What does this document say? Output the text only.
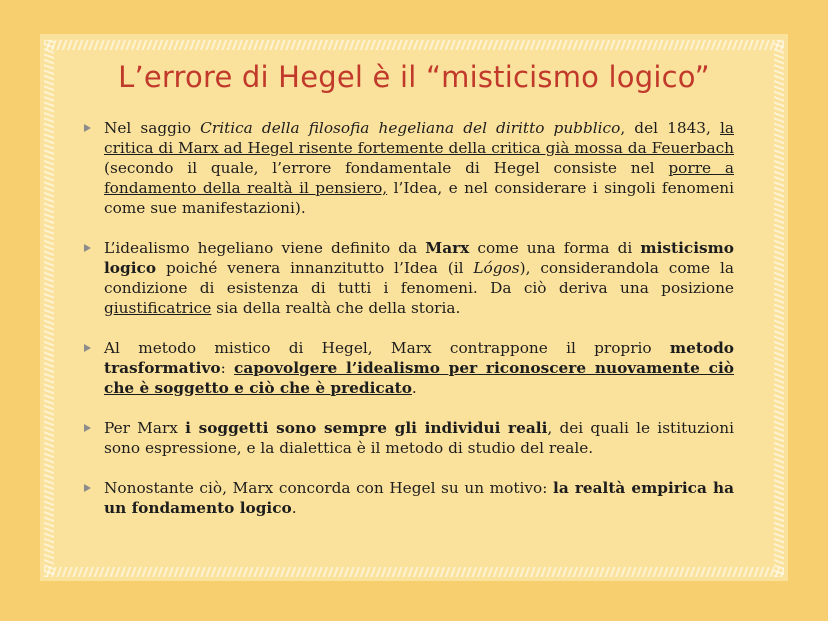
L’errore di Hegel è il “misticismo logico”
Nel saggio Critica della filosofia hegeliana del diritto pubblico, del 1843, la critica di Marx ad Hegel risente fortemente della critica già mossa da Feuerbach (secondo il quale, l’errore fondamentale di Hegel consiste nel porre a fondamento della realtà il pensiero, l’Idea, e nel considerare i singoli fenomeni come sue manifestazioni).
L’idealismo hegeliano viene definito da Marx come una forma di misticismo logico poiché venera innanzitutto l’Idea (il Lógos), considerandola come la condizione di esistenza di tutti i fenomeni. Da ciò deriva una posizione giustificatrice sia della realtà che della storia.
Al metodo mistico di Hegel, Marx contrappone il proprio metodo trasformativo: capovolgere l’idealismo per riconoscere nuovamente ciò che è soggetto e ciò che è predicato.
Per Marx i soggetti sono sempre gli individui reali, dei quali le istituzioni sono espressione, e la dialettica è il metodo di studio del reale.
Nonostante ciò, Marx concorda con Hegel su un motivo: la realtà empirica ha un fondamento logico.
